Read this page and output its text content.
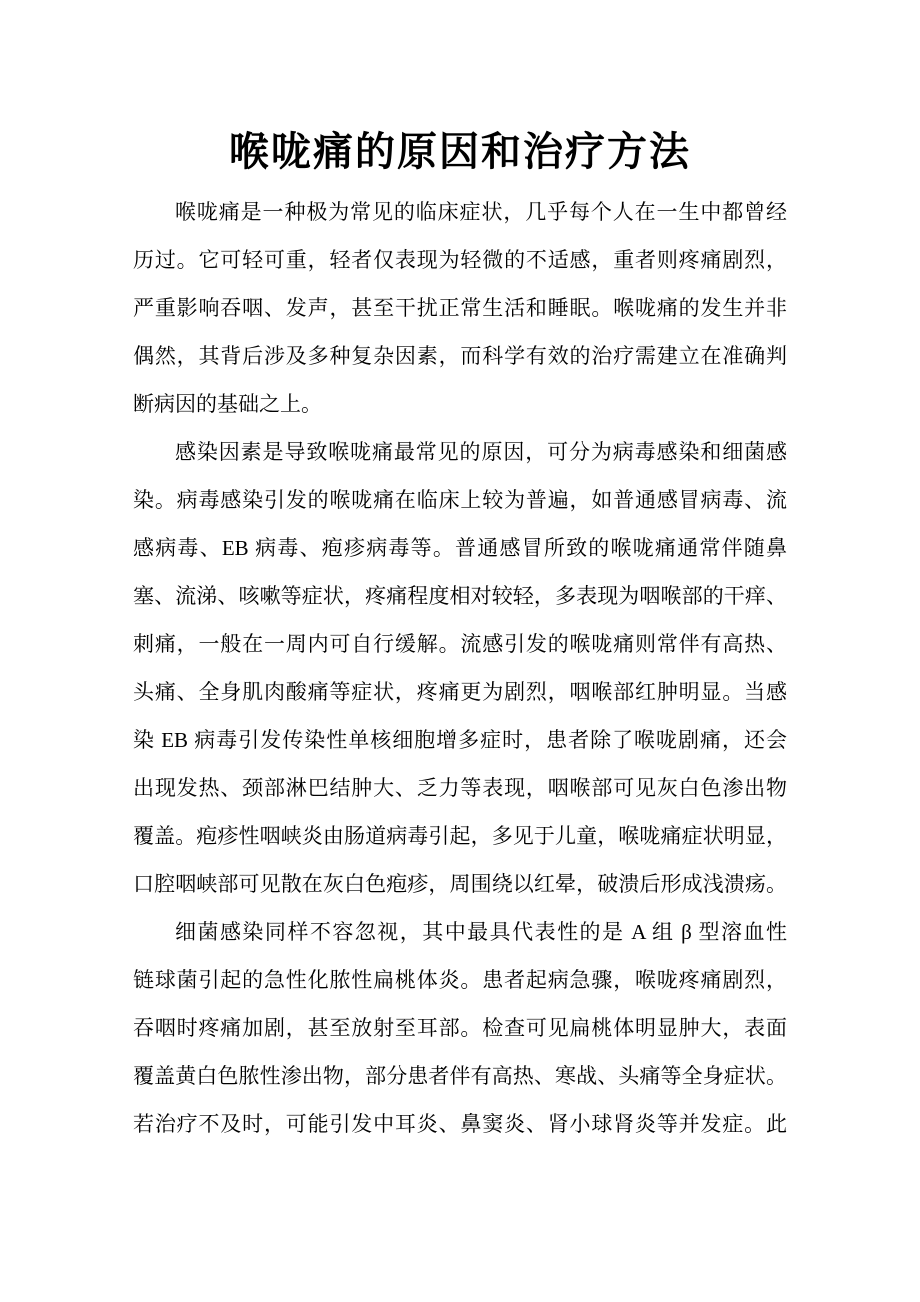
喉咙痛的原因和治疗方法
喉咙痛是一种极为常见的临床症状，几乎每个人在一生中都曾经
历过。它可轻可重，轻者仅表现为轻微的不适感，重者则疼痛剧烈，
严重影响吞咽、发声，甚至干扰正常生活和睡眠。喉咙痛的发生并非
偶然，其背后涉及多种复杂因素，而科学有效的治疗需建立在准确判
断病因的基础之上。
感染因素是导致喉咙痛最常见的原因，可分为病毒感染和细菌感
染。病毒感染引发的喉咙痛在临床上较为普遍，如普通感冒病毒、流
感病毒、EB 病毒、疱疹病毒等。普通感冒所致的喉咙痛通常伴随鼻
塞、流涕、咳嗽等症状，疼痛程度相对较轻，多表现为咽喉部的干痒、
刺痛，一般在一周内可自行缓解。流感引发的喉咙痛则常伴有高热、
头痛、全身肌肉酸痛等症状，疼痛更为剧烈，咽喉部红肿明显。当感
染 EB 病毒引发传染性单核细胞增多症时，患者除了喉咙剧痛，还会
出现发热、颈部淋巴结肿大、乏力等表现，咽喉部可见灰白色渗出物
覆盖。疱疹性咽峡炎由肠道病毒引起，多见于儿童，喉咙痛症状明显，
口腔咽峡部可见散在灰白色疱疹，周围绕以红晕，破溃后形成浅溃疡。
细菌感染同样不容忽视，其中最具代表性的是 A 组 β 型溶血性
链球菌引起的急性化脓性扁桃体炎。患者起病急骤，喉咙疼痛剧烈，
吞咽时疼痛加剧，甚至放射至耳部。检查可见扁桃体明显肿大，表面
覆盖黄白色脓性渗出物，部分患者伴有高热、寒战、头痛等全身症状。
若治疗不及时，可能引发中耳炎、鼻窦炎、肾小球肾炎等并发症。此
